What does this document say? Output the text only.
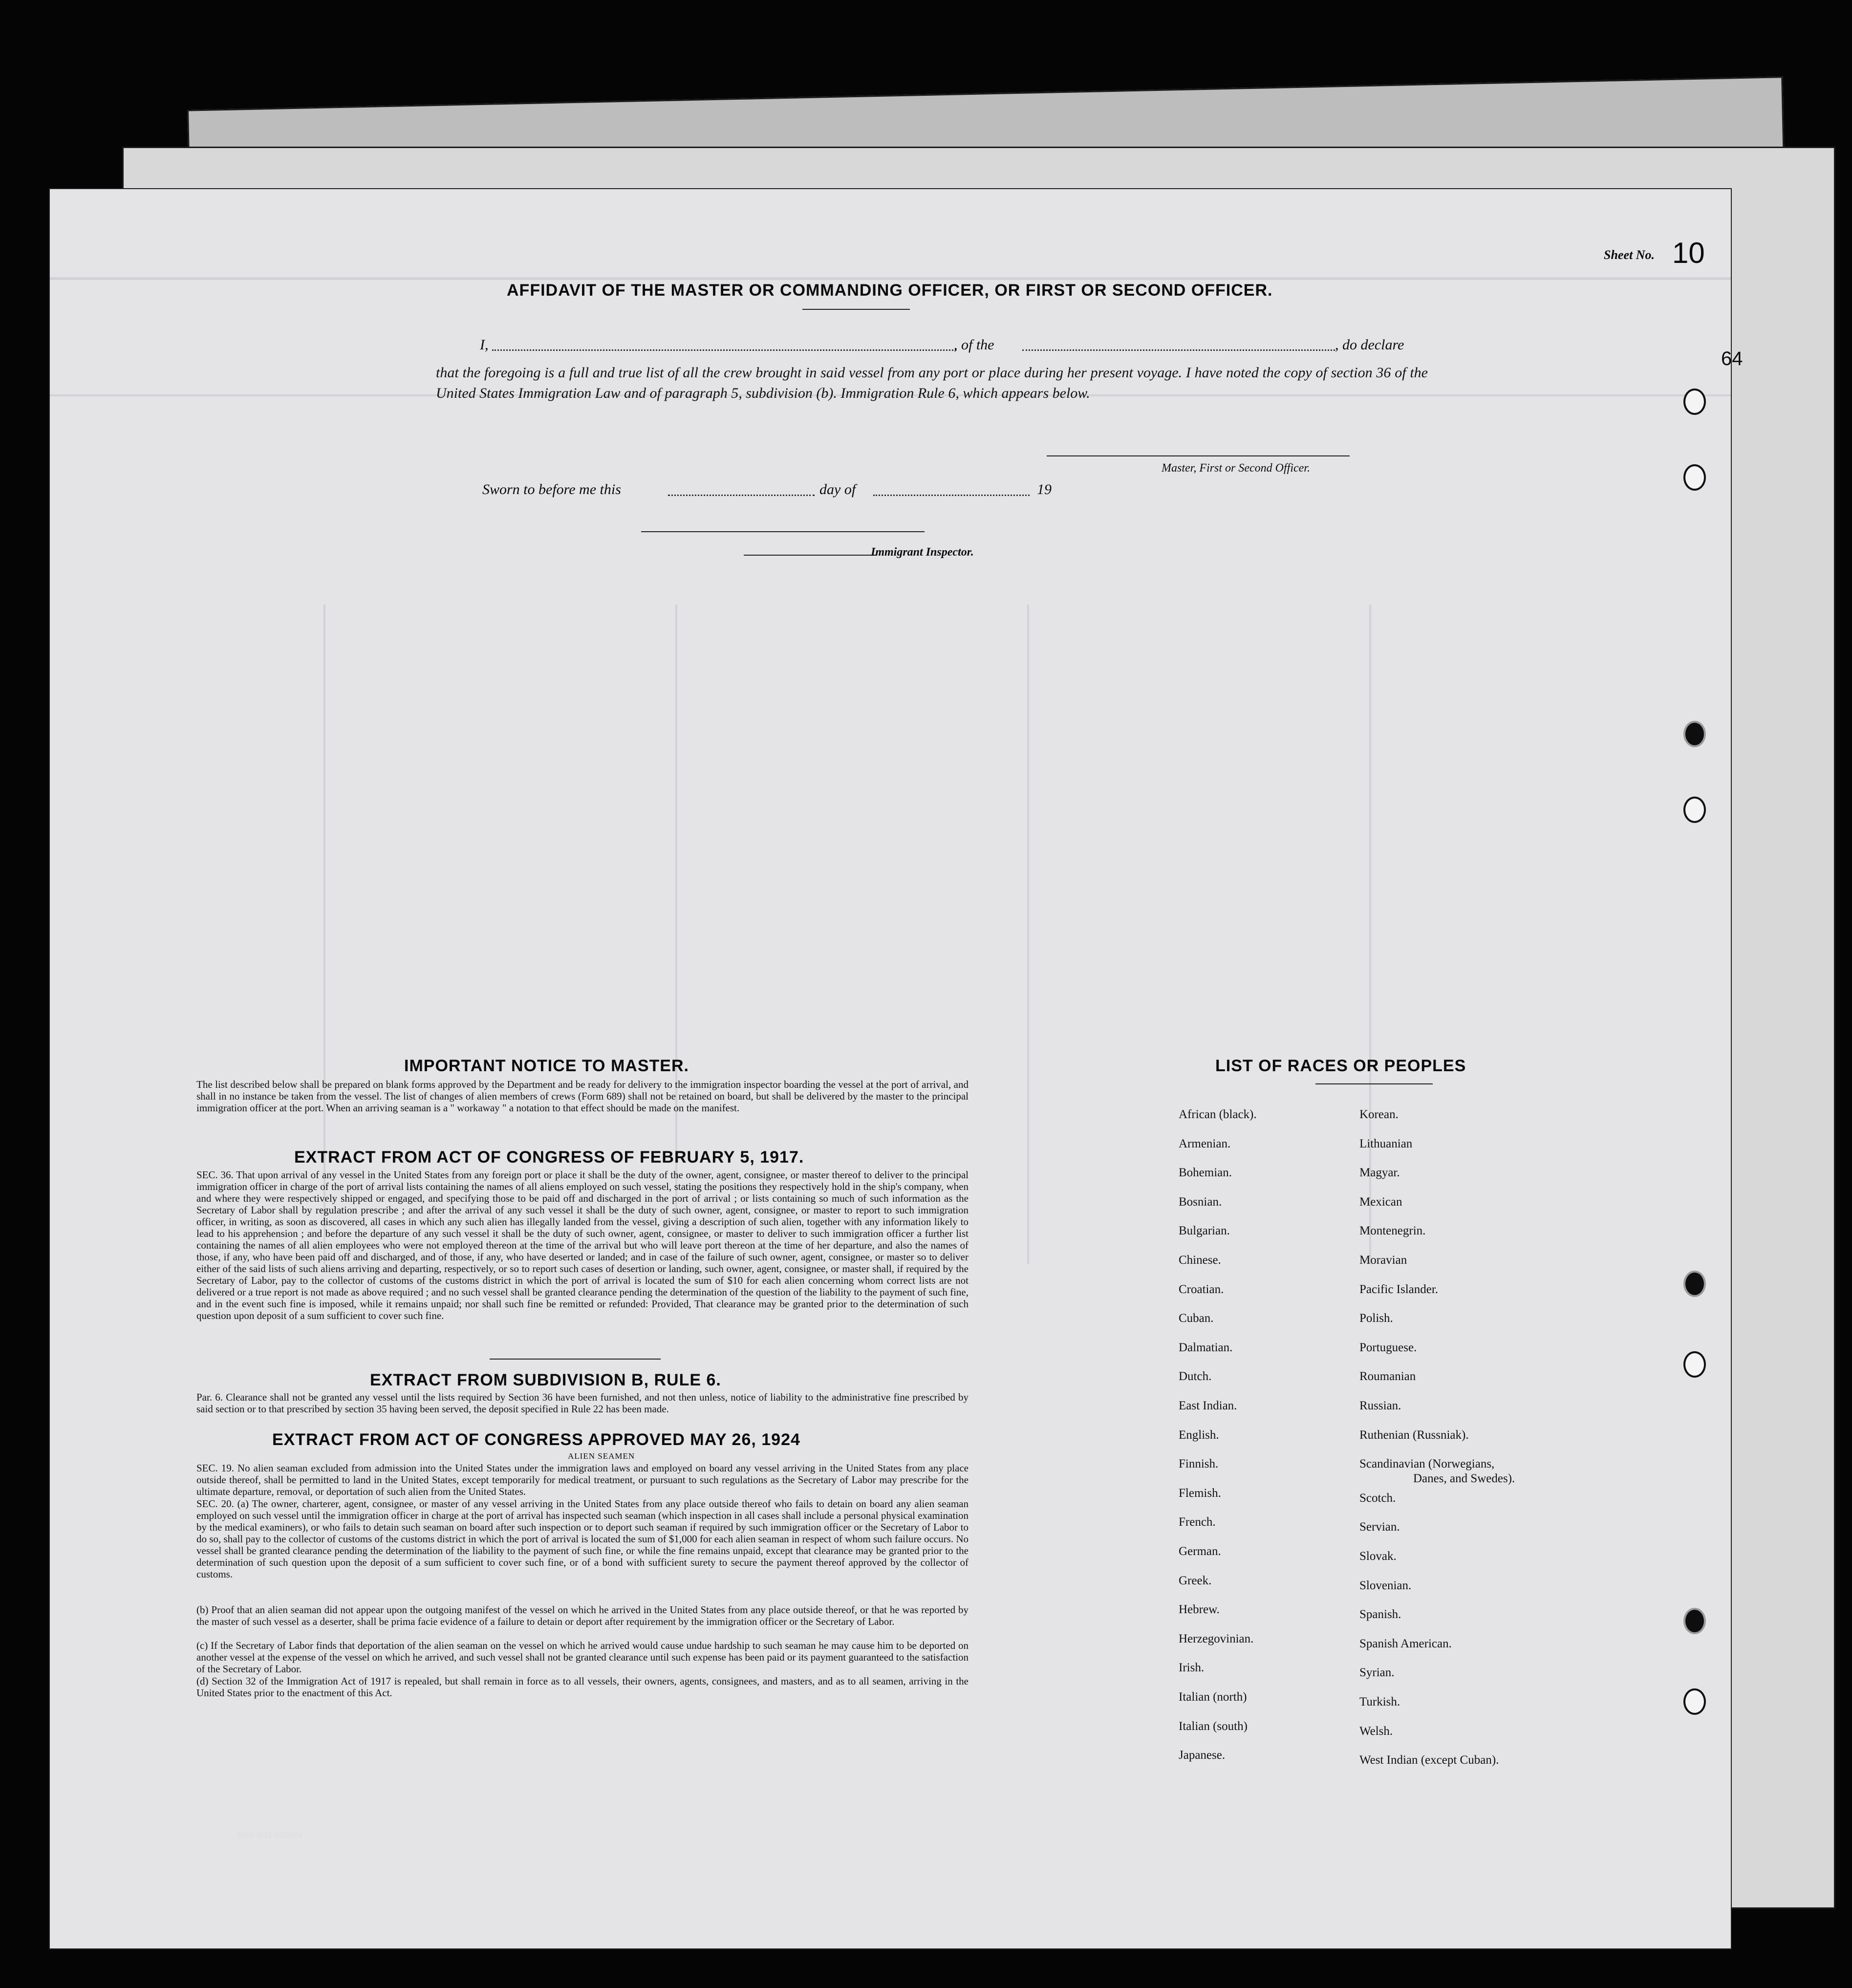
Sheet No. 10
64
AFFIDAVIT OF THE MASTER OR COMMANDING OFFICER, OR FIRST OR SECOND OFFICER.
I,	, of the	, do declare
that the foregoing is a full and true list of all the crew brought in said vessel from any port or place during her present voyage. I have noted the copy of section 36 of the United States Immigration Law and of paragraph 5, subdivision (b). Immigration Rule 6, which appears below.
Master, First or Second Officer.
Sworn to before me this	day of	19
Immigrant Inspector.
IMPORTANT NOTICE TO MASTER.
The list described below shall be prepared on blank forms approved by the Department and be ready for delivery to the immigration inspector boarding the vessel at the port of arrival, and shall in no instance be taken from the vessel. The list of changes of alien members of crews (Form 689) shall not be retained on board, but shall be delivered by the master to the principal immigration officer at the port. When an arriving seaman is a " workaway " a notation to that effect should be made on the manifest.
EXTRACT FROM ACT OF CONGRESS OF FEBRUARY 5, 1917.
SEC. 36. That upon arrival of any vessel in the United States from any foreign port or place it shall be the duty of the owner, agent, consignee, or master thereof to deliver to the principal immigration officer in charge of the port of arrival lists containing the names of all aliens employed on such vessel, stating the positions they respectively hold in the ship's company, when and where they were respectively shipped or engaged, and specifying those to be paid off and discharged in the port of arrival ; or lists containing so much of such information as the Secretary of Labor shall by regulation prescribe ; and after the arrival of any such vessel it shall be the duty of such owner, agent, consignee, or master to report to such immigration officer, in writing, as soon as discovered, all cases in which any such alien has illegally landed from the vessel, giving a description of such alien, together with any information likely to lead to his apprehension ; and before the departure of any such vessel it shall be the duty of such owner, agent, consignee, or master to deliver to such immigration officer a further list containing the names of all alien employees who were not employed thereon at the time of the arrival but who will leave port thereon at the time of her departure, and also the names of those, if any, who have been paid off and discharged, and of those, if any, who have deserted or landed; and in case of the failure of such owner, agent, consignee, or master so to deliver either of the said lists of such aliens arriving and departing, respectively, or so to report such cases of desertion or landing, such owner, agent, consignee, or master shall, if required by the Secretary of Labor, pay to the collector of customs of the customs district in which the port of arrival is located the sum of $10 for each alien concerning whom correct lists are not delivered or a true report is not made as above required ; and no such vessel shall be granted clearance pending the determination of the question of the liability to the payment of such fine, and in the event such fine is imposed, while it remains unpaid; nor shall such fine be remitted or refunded: Provided, That clearance may be granted prior to the determination of such question upon deposit of a sum sufficient to cover such fine.
EXTRACT FROM SUBDIVISION B, RULE 6.
Par. 6. Clearance shall not be granted any vessel until the lists required by Section 36 have been furnished, and not then unless, notice of liability to the administrative fine prescribed by said section or to that prescribed by section 35 having been served, the deposit specified in Rule 22 has been made.
EXTRACT FROM ACT OF CONGRESS APPROVED MAY 26, 1924
ALIEN SEAMEN
SEC. 19. No alien seaman excluded from admission into the United States under the immigration laws and employed on board any vessel arriving in the United States from any place outside thereof, shall be permitted to land in the United States, except temporarily for medical treatment, or pursuant to such regulations as the Secretary of Labor may prescribe for the ultimate departure, removal, or deportation of such alien from the United States.
SEC. 20. (a) The owner, charterer, agent, consignee, or master of any vessel arriving in the United States from any place outside thereof who fails to detain on board any alien seaman employed on such vessel until the immigration officer in charge at the port of arrival has inspected such seaman (which inspection in all cases shall include a personal physical examination by the medical examiners), or who fails to detain such seaman on board after such inspection or to deport such seaman if required by such immigration officer or the Secretary of Labor to do so, shall pay to the collector of customs of the customs district in which the port of arrival is located the sum of $1,000 for each alien seaman in respect of whom such failure occurs. No vessel shall be granted clearance pending the determination of the liability to the payment of such fine, or while the fine remains unpaid, except that clearance may be granted prior to the determination of such question upon the deposit of a sum sufficient to cover such fine, or of a bond with sufficient surety to secure the payment thereof approved by the collector of customs.
(b) Proof that an alien seaman did not appear upon the outgoing manifest of the vessel on which he arrived in the United States from any place outside thereof, or that he was reported by the master of such vessel as a deserter, shall be prima facie evidence of a failure to detain or deport after requirement by the immigration officer or the Secretary of Labor.
(c) If the Secretary of Labor finds that deportation of the alien seaman on the vessel on which he arrived would cause undue hardship to such seaman he may cause him to be deported on another vessel at the expense of the vessel on which he arrived, and such vessel shall not be granted clearance until such expense has been paid or its payment guaranteed to the satisfaction of the Secretary of Labor.
(d) Section 32 of the Immigration Act of 1917 is repealed, but shall remain in force as to all vessels, their owners, agents, consignees, and masters, and as to all seamen, arriving in the United States prior to the enactment of this Act.
LIST OF RACES OR PEOPLES
African (black).
Armenian.
Bohemian.
Bosnian.
Bulgarian.
Chinese.
Croatian.
Cuban.
Dalmatian.
Dutch.
East Indian.
English.
Finnish.
Flemish.
French.
German.
Greek.
Hebrew.
Herzegovinian.
Irish.
Italian (north)
Italian (south)
Japanese.
Korean.
Lithuanian
Magyar.
Mexican
Montenegrin.
Moravian
Pacific Islander.
Polish.
Portuguese.
Roumanian
Russian.
Ruthenian (Russniak).
Scandinavian (Norwegians,
Scotch.
Servian.
Slovak.
Slovenian.
Spanish.
Spanish American.
Syrian.
Turkish.
Welsh.
West Indian (except Cuban).
Danes, and Swedes).
6000 6/33-26/3504
